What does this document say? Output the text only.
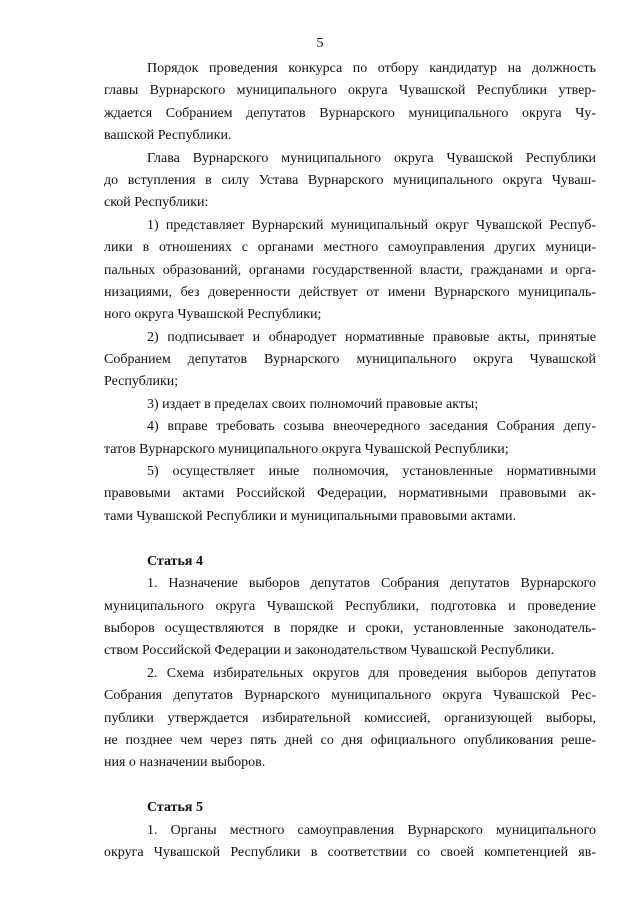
5
Порядок проведения конкурса по отбору кандидатур на должность
главы Вурнарского муниципального округа Чувашской Республики утвер-
ждается Собранием депутатов Вурнарского муниципального округа Чу-
вашской Республики.
Глава Вурнарского муниципального округа Чувашской Республики
до вступления в силу Устава Вурнарского муниципального округа Чуваш-
ской Республики:
1) представляет Вурнарский муниципальный округ Чувашской Респуб-
лики в отношениях с органами местного самоуправления других муници-
пальных образований, органами государственной власти, гражданами и орга-
низациями, без доверенности действует от имени Вурнарского муниципаль-
ного округа Чувашской Республики;
2) подписывает и обнародует нормативные правовые акты, принятые
Собранием депутатов Вурнарского муниципального округа Чувашской
Республики;
3) издает в пределах своих полномочий правовые акты;
4) вправе требовать созыва внеочередного заседания Собрания депу-
татов Вурнарского муниципального округа Чувашской Республики;
5) осуществляет иные полномочия, установленные нормативными
правовыми актами Российской Федерации, нормативными правовыми ак-
тами Чувашской Республики и муниципальными правовыми актами.
Статья 4
1. Назначение выборов депутатов Собрания депутатов Вурнарского
муниципального округа Чувашской Республики, подготовка и проведение
выборов осуществляются в порядке и сроки, установленные законодатель-
ством Российской Федерации и законодательством Чувашской Республики.
2. Схема избирательных округов для проведения выборов депутатов
Собрания депутатов Вурнарского муниципального округа Чувашской Рес-
публики утверждается избирательной комиссией, организующей выборы,
не позднее чем через пять дней со дня официального опубликования реше-
ния о назначении выборов.
Статья 5
1. Органы местного самоуправления Вурнарского муниципального
округа Чувашской Республики в соответствии со своей компетенцией яв-
